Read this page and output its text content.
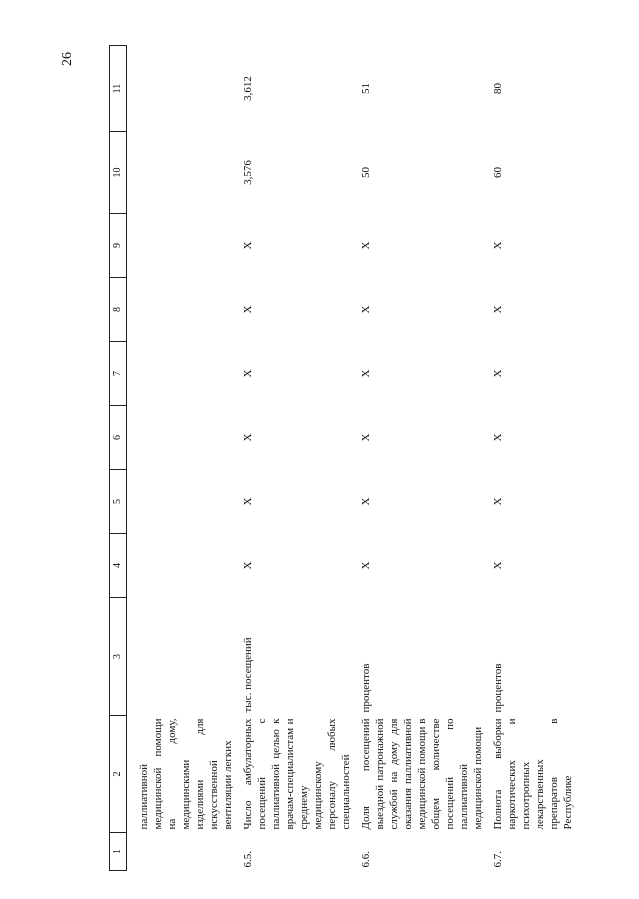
26
1	2	3	4	5	6	7	8	9	10	11
	паллиативной
медицинской помощи на дому, медицинскими изделиями для искусственной вентиляции легких									
6.5.	Число амбулаторных посещений с паллиативной целью к врачам-специалистам и среднему медицинскому персоналу любых специальностей	тыс. посещений	X	X	X	X	X	X	3,576	3,612
6.6.	Доля посещений выездной патронажной службой на дому для оказания паллиативной медицинской помощи в общем количестве посещений по паллиативной медицинской помощи	процентов	X	X	X	X	X	X	50	51
6.7.	Полнота выборки наркотических и психотропных лекарственных препаратов в Республике	процентов	X	X	X	X	X	X	60	80
